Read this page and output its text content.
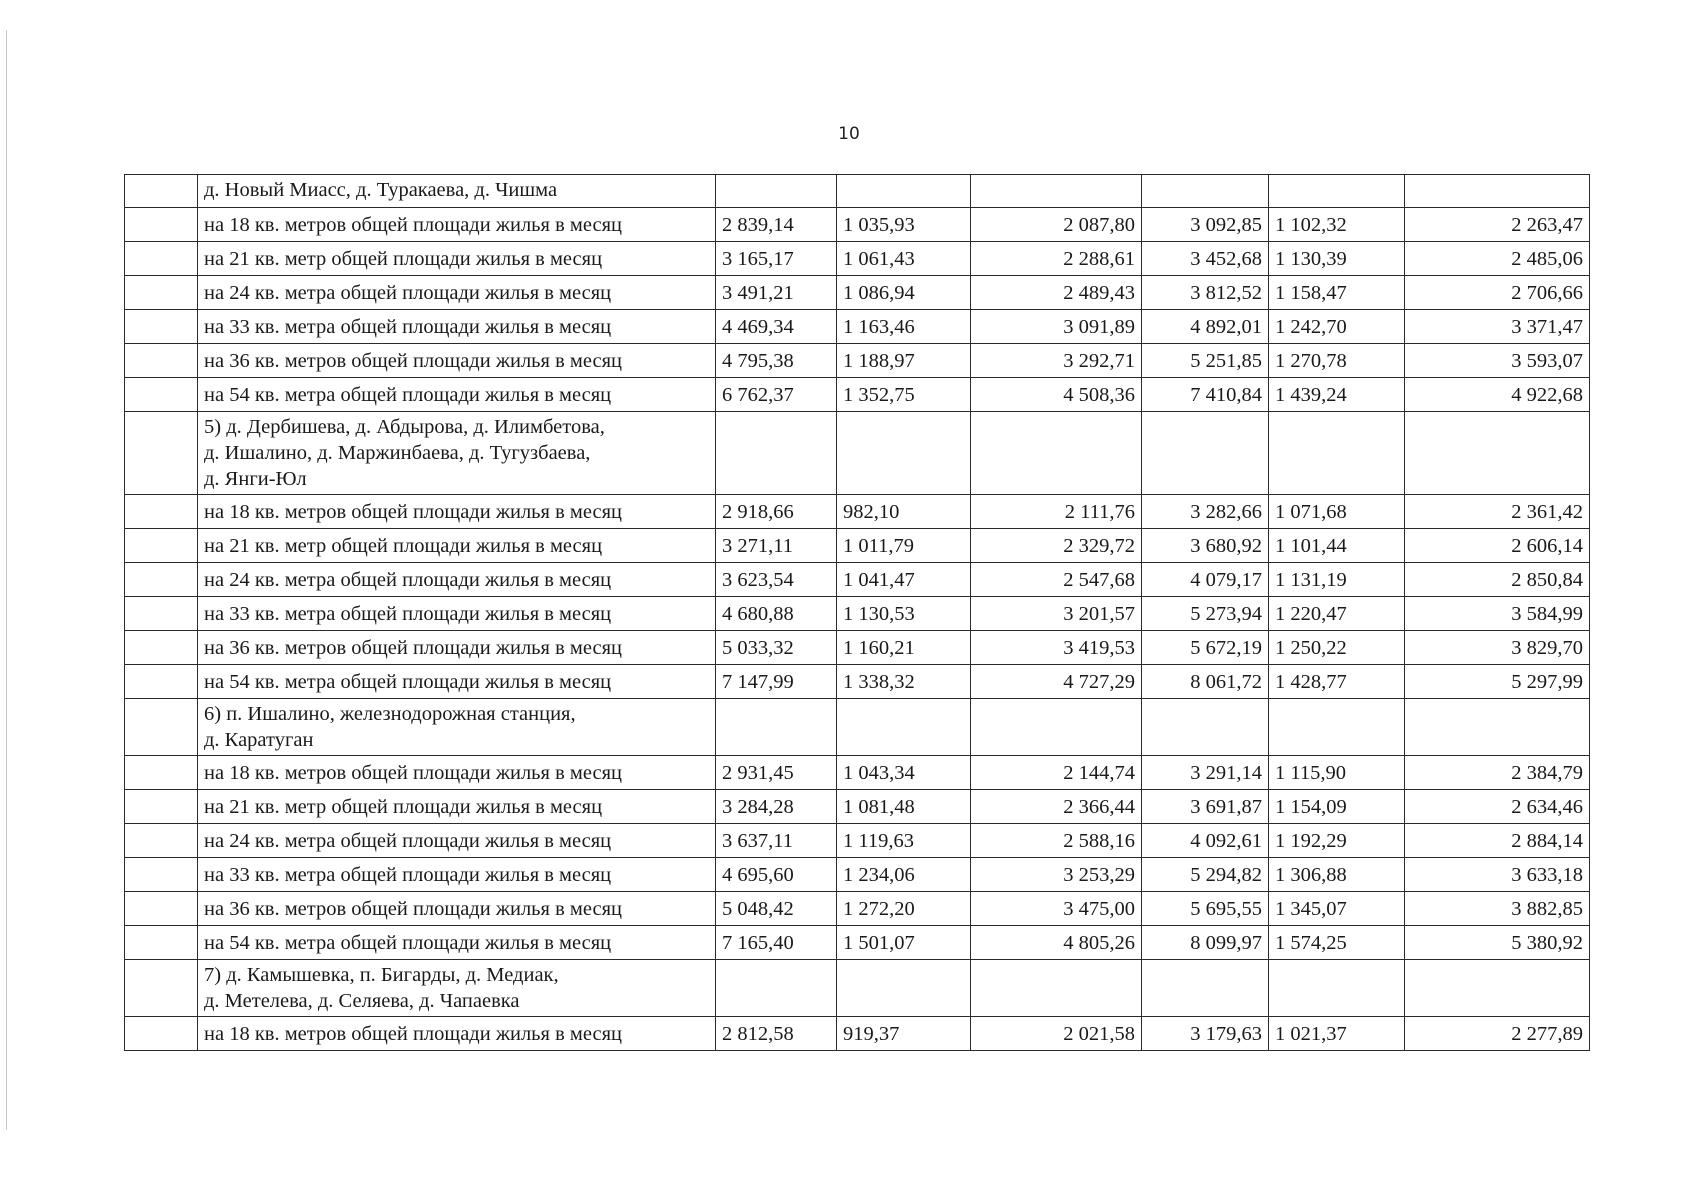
10
	д. Новый Миасс, д. Туракаева, д. Чишма						
	на 18 кв. метров общей площади жилья в месяц	2 839,14	1 035,93	2 087,80	3 092,85	1 102,32	2 263,47
	на 21 кв. метр общей площади жилья в месяц	3 165,17	1 061,43	2 288,61	3 452,68	1 130,39	2 485,06
	на 24 кв. метра общей площади жилья в месяц	3 491,21	1 086,94	2 489,43	3 812,52	1 158,47	2 706,66
	на 33 кв. метра общей площади жилья в месяц	4 469,34	1 163,46	3 091,89	4 892,01	1 242,70	3 371,47
	на 36 кв. метров общей площади жилья в месяц	4 795,38	1 188,97	3 292,71	5 251,85	1 270,78	3 593,07
	на 54 кв. метра общей площади жилья в месяц	6 762,37	1 352,75	4 508,36	7 410,84	1 439,24	4 922,68
	5) д. Дербишева, д. Абдырова, д. Илимбетова,
д. Ишалино, д. Маржинбаева, д. Тугузбаева,
д. Янги-Юл						
	на 18 кв. метров общей площади жилья в месяц	2 918,66	982,10	2 111,76	3 282,66	1 071,68	2 361,42
	на 21 кв. метр общей площади жилья в месяц	3 271,11	1 011,79	2 329,72	3 680,92	1 101,44	2 606,14
	на 24 кв. метра общей площади жилья в месяц	3 623,54	1 041,47	2 547,68	4 079,17	1 131,19	2 850,84
	на 33 кв. метра общей площади жилья в месяц	4 680,88	1 130,53	3 201,57	5 273,94	1 220,47	3 584,99
	на 36 кв. метров общей площади жилья в месяц	5 033,32	1 160,21	3 419,53	5 672,19	1 250,22	3 829,70
	на 54 кв. метра общей площади жилья в месяц	7 147,99	1 338,32	4 727,29	8 061,72	1 428,77	5 297,99
	6) п. Ишалино, железнодорожная станция,
д. Каратуган						
	на 18 кв. метров общей площади жилья в месяц	2 931,45	1 043,34	2 144,74	3 291,14	1 115,90	2 384,79
	на 21 кв. метр общей площади жилья в месяц	3 284,28	1 081,48	2 366,44	3 691,87	1 154,09	2 634,46
	на 24 кв. метра общей площади жилья в месяц	3 637,11	1 119,63	2 588,16	4 092,61	1 192,29	2 884,14
	на 33 кв. метра общей площади жилья в месяц	4 695,60	1 234,06	3 253,29	5 294,82	1 306,88	3 633,18
	на 36 кв. метров общей площади жилья в месяц	5 048,42	1 272,20	3 475,00	5 695,55	1 345,07	3 882,85
	на 54 кв. метра общей площади жилья в месяц	7 165,40	1 501,07	4 805,26	8 099,97	1 574,25	5 380,92
	7) д. Камышевка, п. Бигарды, д. Медиак,
д. Метелева, д. Селяева, д. Чапаевка						
	на 18 кв. метров общей площади жилья в месяц	2 812,58	919,37	2 021,58	3 179,63	1 021,37	2 277,89
